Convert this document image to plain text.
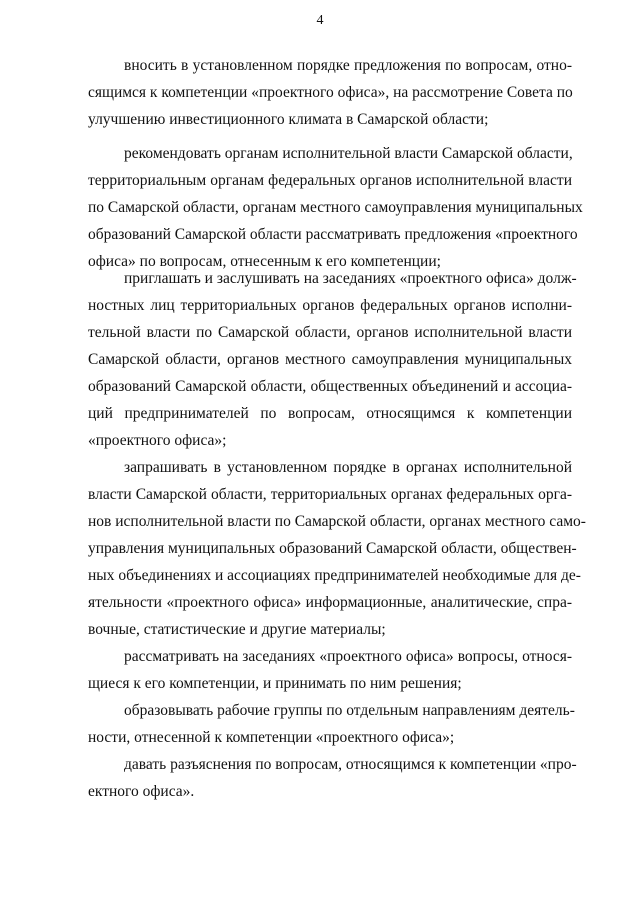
4
вносить в установленном порядке предложения по вопросам, отно-
сящимся к компетенции «проектного офиса», на рассмотрение Совета по
улучшению инвестиционного климата в Самарской области;
рекомендовать органам исполнительной власти Самарской области,
территориальным органам федеральных органов исполнительной власти
по Самарской области, органам местного самоуправления муниципальных
образований Самарской области рассматривать предложения «проектного
офиса» по вопросам, отнесенным к его компетенции;
приглашать и заслушивать на заседаниях «проектного офиса» долж-
ностных лиц территориальных органов федеральных органов исполни-
тельной власти по Самарской области, органов исполнительной власти
Самарской области, органов местного самоуправления муниципальных
образований Самарской области, общественных объединений и ассоциа-
ций предпринимателей по вопросам, относящимся к компетенции
«проектного офиса»;
запрашивать в установленном порядке в органах исполнительной
власти Самарской области, территориальных органах федеральных орга-
нов исполнительной власти по Самарской области, органах местного само-
управления муниципальных образований Самарской области, обществен-
ных объединениях и ассоциациях предпринимателей необходимые для де-
ятельности «проектного офиса» информационные, аналитические, спра-
вочные, статистические и другие материалы;
рассматривать на заседаниях «проектного офиса» вопросы, относя-
щиеся к его компетенции, и принимать по ним решения;
образовывать рабочие группы по отдельным направлениям деятель-
ности, отнесенной к компетенции «проектного офиса»;
давать разъяснения по вопросам, относящимся к компетенции «про-
ектного офиса».
